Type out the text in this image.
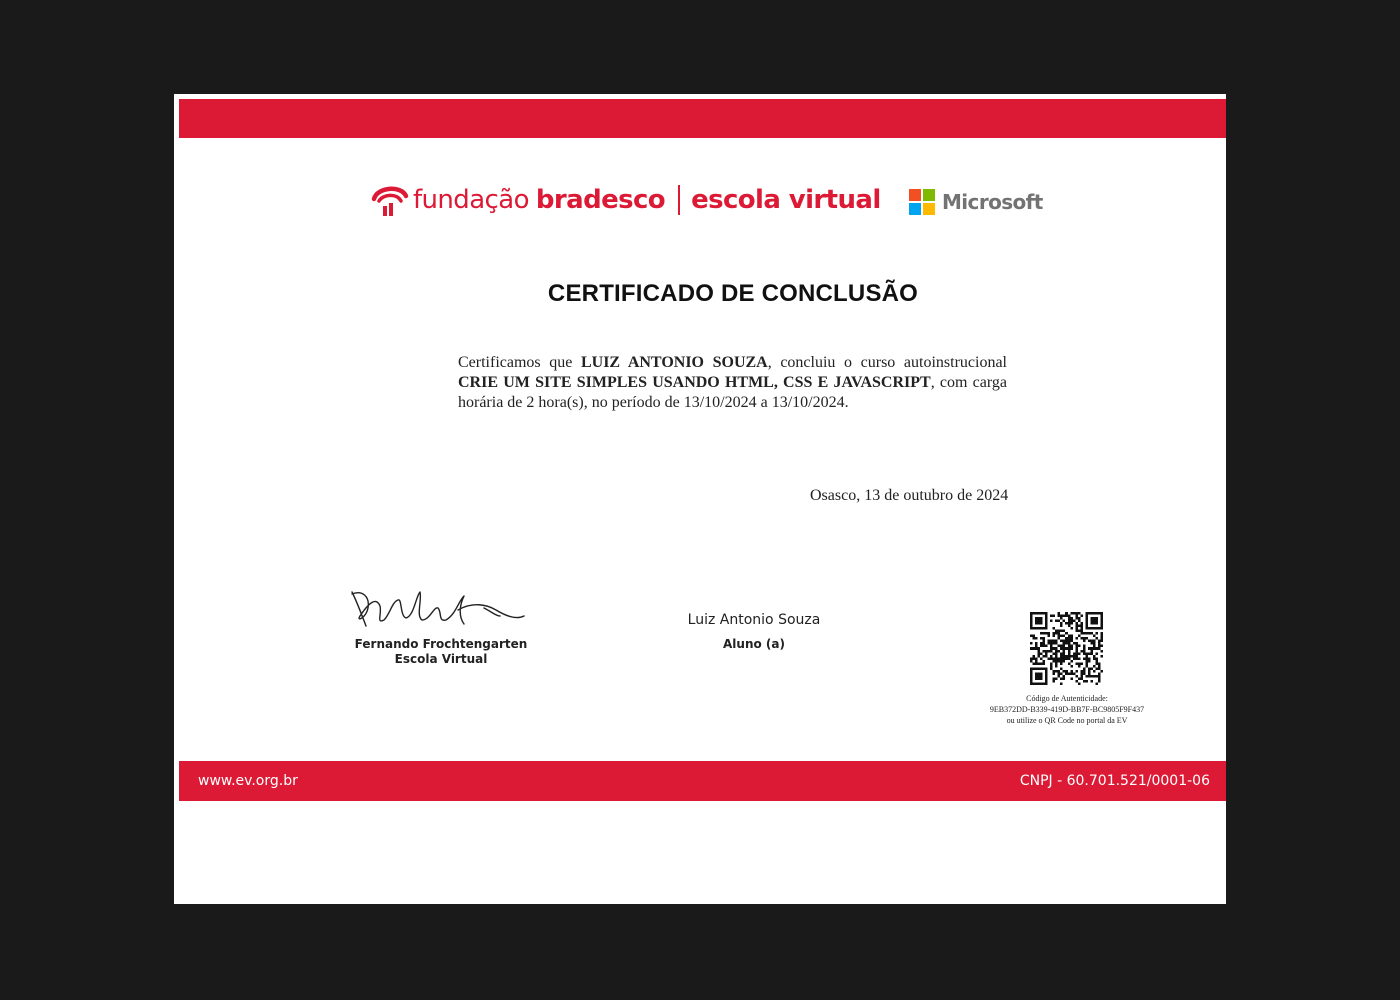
fundação bradesco escola virtual	Microsoft
CERTIFICADO DE CONCLUSÃO
Certificamos que LUIZ ANTONIO SOUZA, concluiu o curso autoinstrucional CRIE UM SITE SIMPLES USANDO HTML, CSS E JAVASCRIPT, com carga horária de 2 hora(s), no período de 13/10/2024 a 13/10/2024.
Osasco, 13 de outubro de 2024
Fernando Frochtengarten
Escola Virtual
Luiz Antonio Souza
Aluno (a)
Código de Autenticidade:
9EB372DD-B339-419D-BB7F-BC9805F9F437
ou utilize o QR Code no portal da EV
www.ev.org.br	CNPJ - 60.701.521/0001-06
